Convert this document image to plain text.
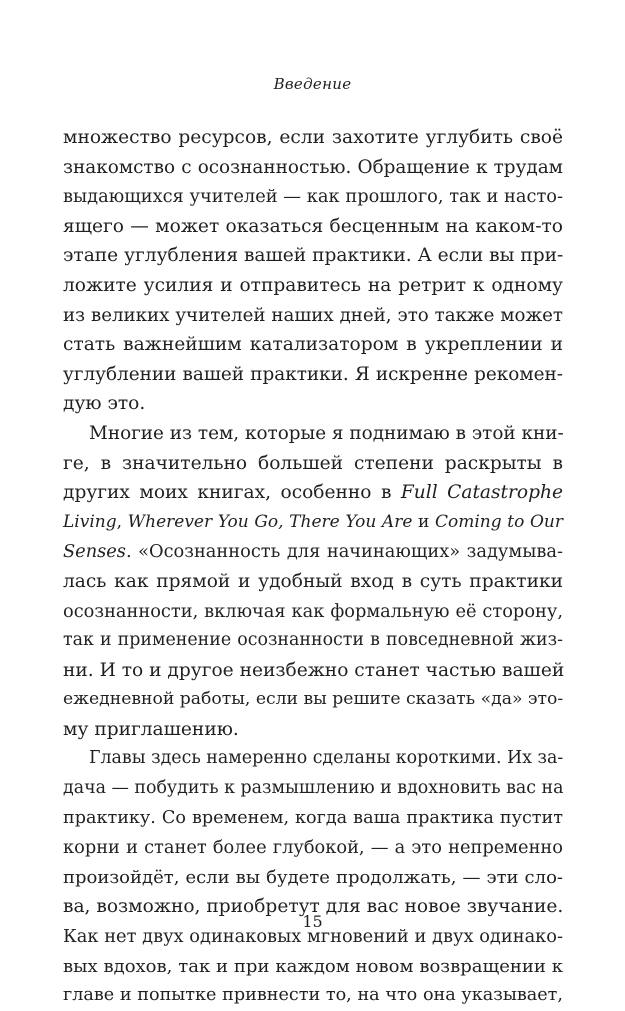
Введение
множество ресурсов, если захотите углубить своё
знакомство с осознанностью. Обращение к трудам
выдающихся учителей — как прошлого, так и насто-
ящего — может оказаться бесценным на каком-то
этапе углубления вашей практики. А если вы при-
ложите усилия и отправитесь на ретрит к одному
из великих учителей наших дней, это также может
стать важнейшим катализатором в укреплении и
углублении вашей практики. Я искренне рекомен-
дую это.
Многие из тем, которые я поднимаю в этой кни-
ге, в значительно большей степени раскрыты в
других моих книгах, особенно в Full Catastrophe
Living, Wherever You Go, There You Are и Coming to Our
Senses. «Осознанность для начинающих» задумыва-
лась как прямой и удобный вход в суть практики
осознанности, включая как формальную её сторону,
так и применение осознанности в повседневной жиз-
ни. И то и другое неизбежно станет частью вашей
ежедневной работы, если вы решите сказать «да» это-
му приглашению.
Главы здесь намеренно сделаны короткими. Их за-
дача — побудить к размышлению и вдохновить вас на
практику. Со временем, когда ваша практика пустит
корни и станет более глубокой, — а это непременно
произойдёт, если вы будете продолжать, — эти сло-
ва, возможно, приобретут для вас новое звучание.
Как нет двух одинаковых мгновений и двух одинако-
вых вдохов, так и при каждом новом возвращении к
главе и попытке привнести то, на что она указывает,
15
